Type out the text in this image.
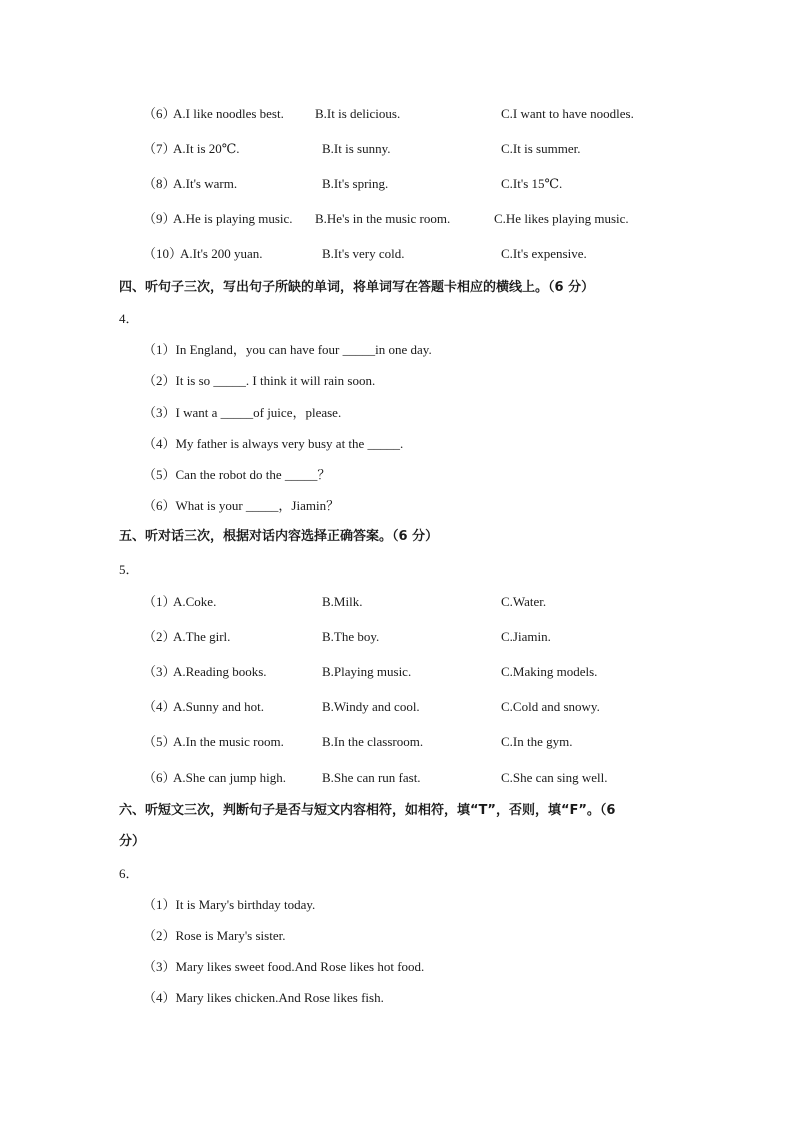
（6）
A.I like noodles best. B.It is delicious.	C.I want to have noodles.
（7）
A.It is 20℃.	B.It is sunny.	C.It is summer.
（8）
A.It's warm.	B.It's spring.	C.It's 15℃.
（9）
A.He is playing music. B.He's in the music room.	C.He likes playing music.
（10）
A.It's 200 yuan.	B.It's very cold.	C.It's expensive.
四、听句子三次，写出句子所缺的单词，将单词写在答题卡相应的横线上。（6 分）
4．
（1）In England，you can have four _____in one day.
（2）It is so _____. I think it will rain soon.
（3）I want a _____of juice，please.
（4）My father is always very busy at the _____.
（5）Can the robot do the _____？
（6）What is your _____，Jiamin？
五、听对话三次，根据对话内容选择正确答案。（6 分）
5．
（1）
A.Coke.	B.Milk.	C.Water.
（2）
A.The girl.	B.The boy.	C.Jiamin.
（3）
A.Reading books.	B.Playing music.	C.Making models.
（4）
A.Sunny and hot.	B.Windy and cool.	C.Cold and snowy.
（5）
A.In the music room.	B.In the classroom.	C.In the gym.
（6）
A.She can jump high.	B.She can run fast.	C.She can sing well.
六、听短文三次，判断句子是否与短文内容相符，如相符，填“T”，否则，填“F”。（6
分）
6．
（1）It is Mary's birthday today.
（2）Rose is Mary's sister.
（3）Mary likes sweet food.And Rose likes hot food.
（4）Mary likes chicken.And Rose likes fish.
